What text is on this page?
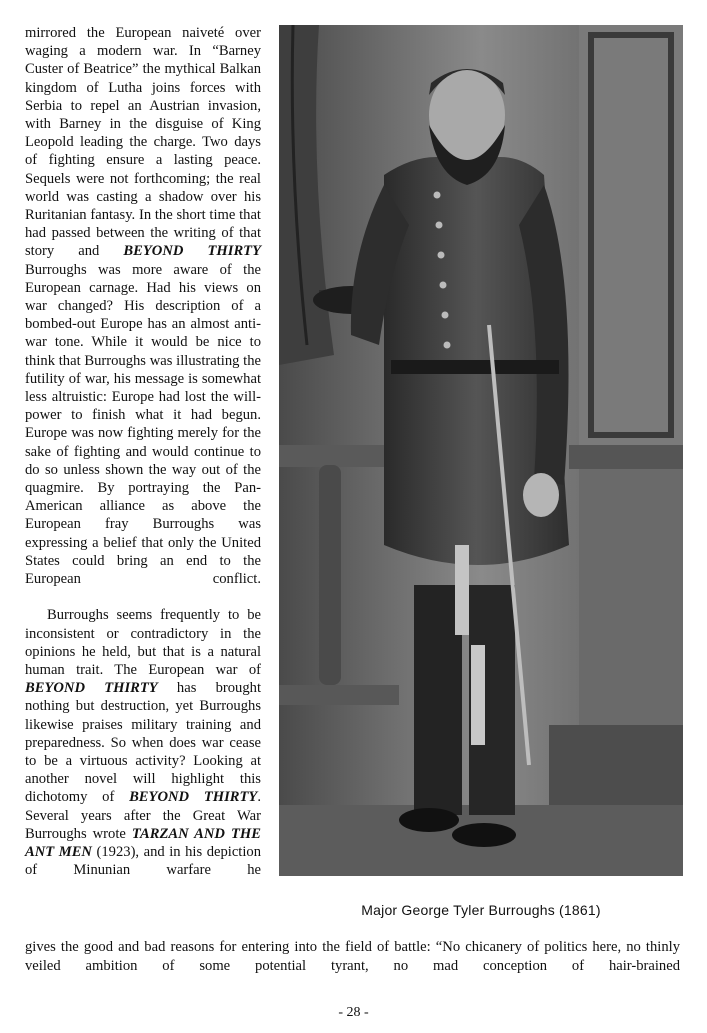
mirrored the European naiveté over waging a modern war. In “Barney Custer of Beatrice” the mythical Balkan kingdom of Lutha joins forces with Serbia to repel an Austrian invasion, with Barney in the disguise of King Leopold leading the charge. Two days of fighting ensure a lasting peace. Sequels were not forthcoming; the real world was casting a shadow over his Ruritanian fantasy. In the short time that had passed between the writing of that story and BEYOND THIRTY Burroughs was more aware of the European carnage. Had his views on war changed? His description of a bombed-out Europe has an almost anti-war tone. While it would be nice to think that Burroughs was illustrating the futility of war, his message is somewhat less altruistic: Europe had lost the will-power to finish what it had begun. Europe was now fighting merely for the sake of fighting and would continue to do so unless shown the way out of the quagmire. By portraying the Pan-American alliance as above the European fray Burroughs was expressing a belief that only the United States could bring an end to the European conflict.

Burroughs seems frequently to be inconsistent or contradictory in the opinions he held, but that is a natural human trait. The European war of BEYOND THIRTY has brought nothing but destruction, yet Burroughs likewise praises military training and preparedness. So when does war cease to be a virtuous activity? Looking at another novel will highlight this dichotomy of BEYOND THIRTY. Several years after the Great War Burroughs wrote TARZAN AND THE ANT MEN (1923), and in his depiction of Minunian warfare he

Major George Tyler Burroughs (1861)
gives the good and bad reasons for entering into the field of battle: “No chicanery of politics here, no thinly veiled ambition of some potential tyrant, no mad conception of hair-brained
- 28 -
